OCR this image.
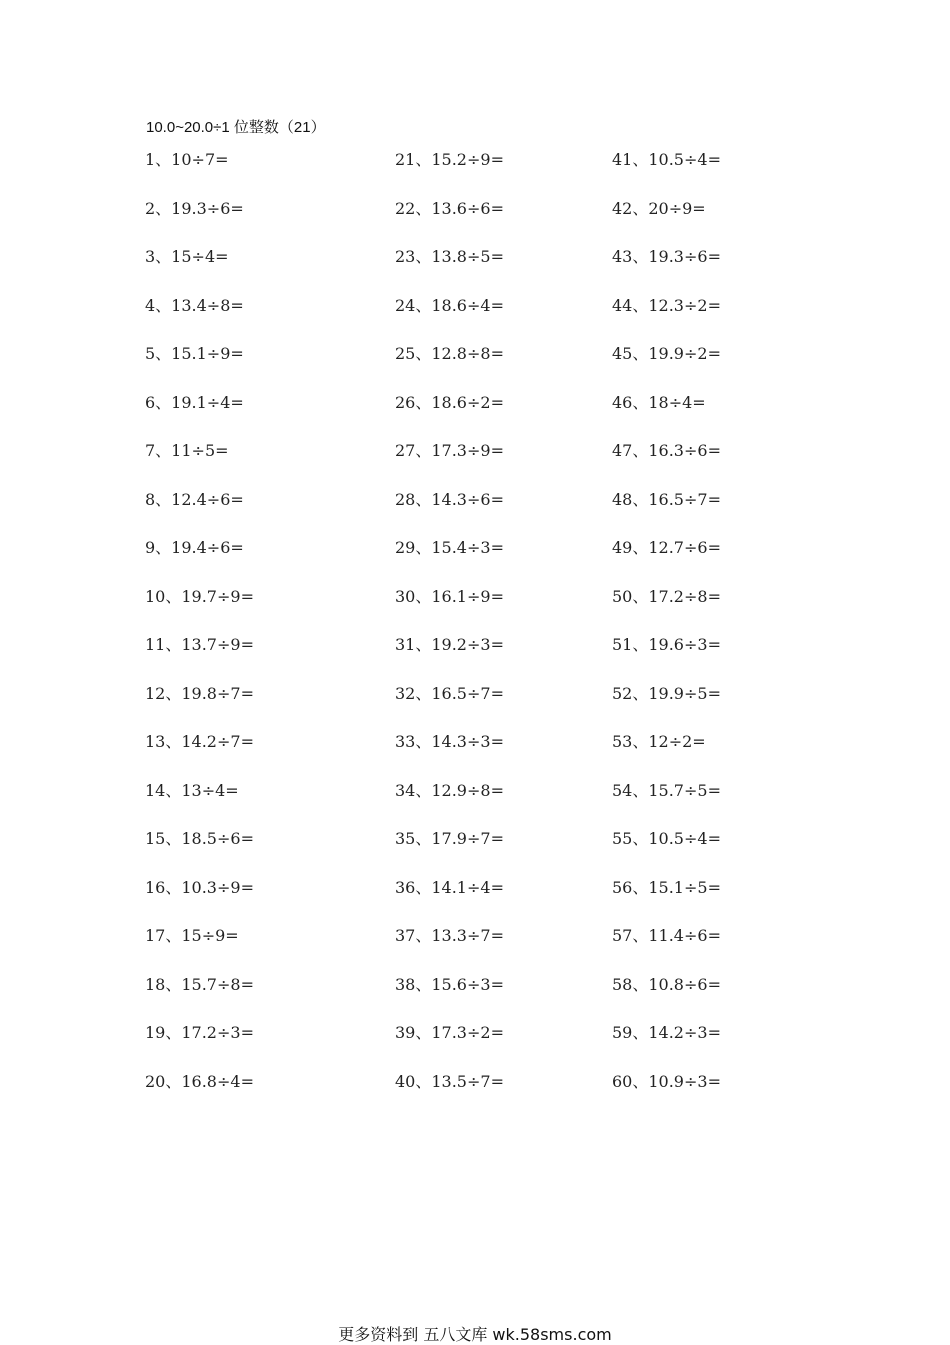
10.0~20.0÷1 位整数（21）
1、10÷7=
2、19.3÷6=
3、15÷4=
4、13.4÷8=
5、15.1÷9=
6、19.1÷4=
7、11÷5=
8、12.4÷6=
9、19.4÷6=
10、19.7÷9=
11、13.7÷9=
12、19.8÷7=
13、14.2÷7=
14、13÷4=
15、18.5÷6=
16、10.3÷9=
17、15÷9=
18、15.7÷8=
19、17.2÷3=
20、16.8÷4=
21、15.2÷9=
22、13.6÷6=
23、13.8÷5=
24、18.6÷4=
25、12.8÷8=
26、18.6÷2=
27、17.3÷9=
28、14.3÷6=
29、15.4÷3=
30、16.1÷9=
31、19.2÷3=
32、16.5÷7=
33、14.3÷3=
34、12.9÷8=
35、17.9÷7=
36、14.1÷4=
37、13.3÷7=
38、15.6÷3=
39、17.3÷2=
40、13.5÷7=
41、10.5÷4=
42、20÷9=
43、19.3÷6=
44、12.3÷2=
45、19.9÷2=
46、18÷4=
47、16.3÷6=
48、16.5÷7=
49、12.7÷6=
50、17.2÷8=
51、19.6÷3=
52、19.9÷5=
53、12÷2=
54、15.7÷5=
55、10.5÷4=
56、15.1÷5=
57、11.4÷6=
58、10.8÷6=
59、14.2÷3=
60、10.9÷3=
更多资料到 五八文库 wk.58sms.com
